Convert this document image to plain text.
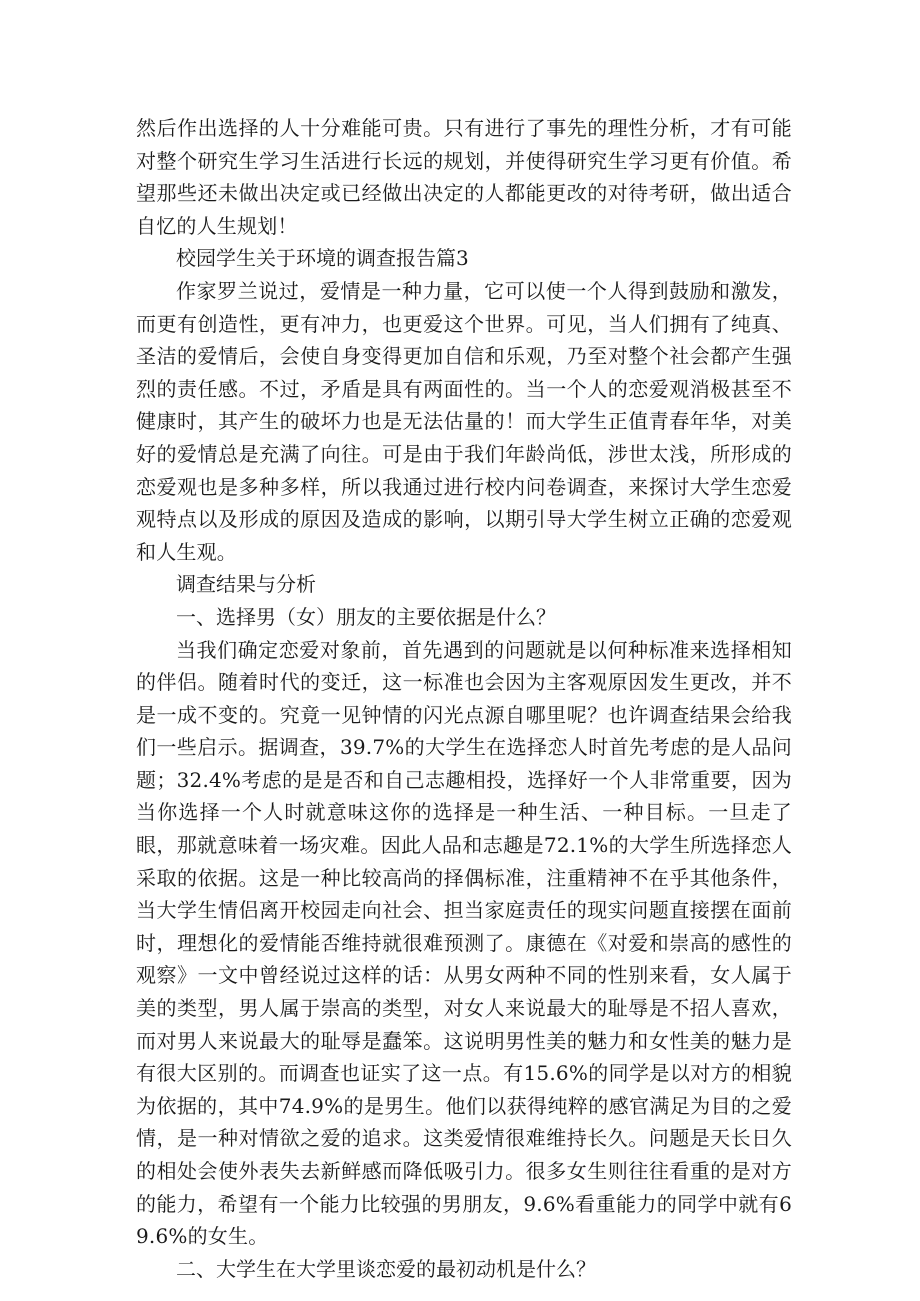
然后作出选择的人十分难能可贵。只有进行了事先的理性分析，才有可能对整个研究生学习生活进行长远的规划，并使得研究生学习更有价值。希望那些还未做出决定或已经做出决定的人都能更改的对待考研，做出适合自忆的人生规划！

校园学生关于环境的调查报告篇3

作家罗兰说过，爱情是一种力量，它可以使一个人得到鼓励和激发，而更有创造性，更有冲力，也更爱这个世界。可见，当人们拥有了纯真、圣洁的爱情后，会使自身变得更加自信和乐观，乃至对整个社会都产生强烈的责任感。不过，矛盾是具有两面性的。当一个人的恋爱观消极甚至不健康时，其产生的破坏力也是无法估量的！而大学生正值青春年华，对美好的爱情总是充满了向往。可是由于我们年龄尚低，涉世太浅，所形成的恋爱观也是多种多样，所以我通过进行校内问卷调查，来探讨大学生恋爱观特点以及形成的原因及造成的影响，以期引导大学生树立正确的恋爱观和人生观。

调查结果与分析

一、选择男（女）朋友的主要依据是什么？

当我们确定恋爱对象前，首先遇到的问题就是以何种标准来选择相知的伴侣。随着时代的变迁，这一标准也会因为主客观原因发生更改，并不是一成不变的。究竟一见钟情的闪光点源自哪里呢？也许调查结果会给我们一些启示。据调查，39.7%的大学生在选择恋人时首先考虑的是人品问题；32.4%考虑的是是否和自己志趣相投，选择好一个人非常重要，因为当你选择一个人时就意味这你的选择是一种生活、一种目标。一旦走了眼，那就意味着一场灾难。因此人品和志趣是72.1%的大学生所选择恋人采取的依据。这是一种比较高尚的择偶标准，注重精神不在乎其他条件，当大学生情侣离开校园走向社会、担当家庭责任的现实问题直接摆在面前时，理想化的爱情能否维持就很难预测了。康德在《对爱和崇高的感性的观察》一文中曾经说过这样的话：从男女两种不同的性别来看，女人属于美的类型，男人属于崇高的类型，对女人来说最大的耻辱是不招人喜欢，而对男人来说最大的耻辱是蠢笨。这说明男性美的魅力和女性美的魅力是有很大区别的。而调查也证实了这一点。有15.6%的同学是以对方的相貌为依据的，其中74.9%的是男生。他们以获得纯粹的感官满足为目的之爱情，是一种对情欲之爱的追求。这类爱情很难维持长久。问题是天长日久的相处会使外表失去新鲜感而降低吸引力。很多女生则往往看重的是对方的能力，希望有一个能力比较强的男朋友，9.6%看重能力的同学中就有69.6%的女生。

二、大学生在大学里谈恋爱的最初动机是什么？
